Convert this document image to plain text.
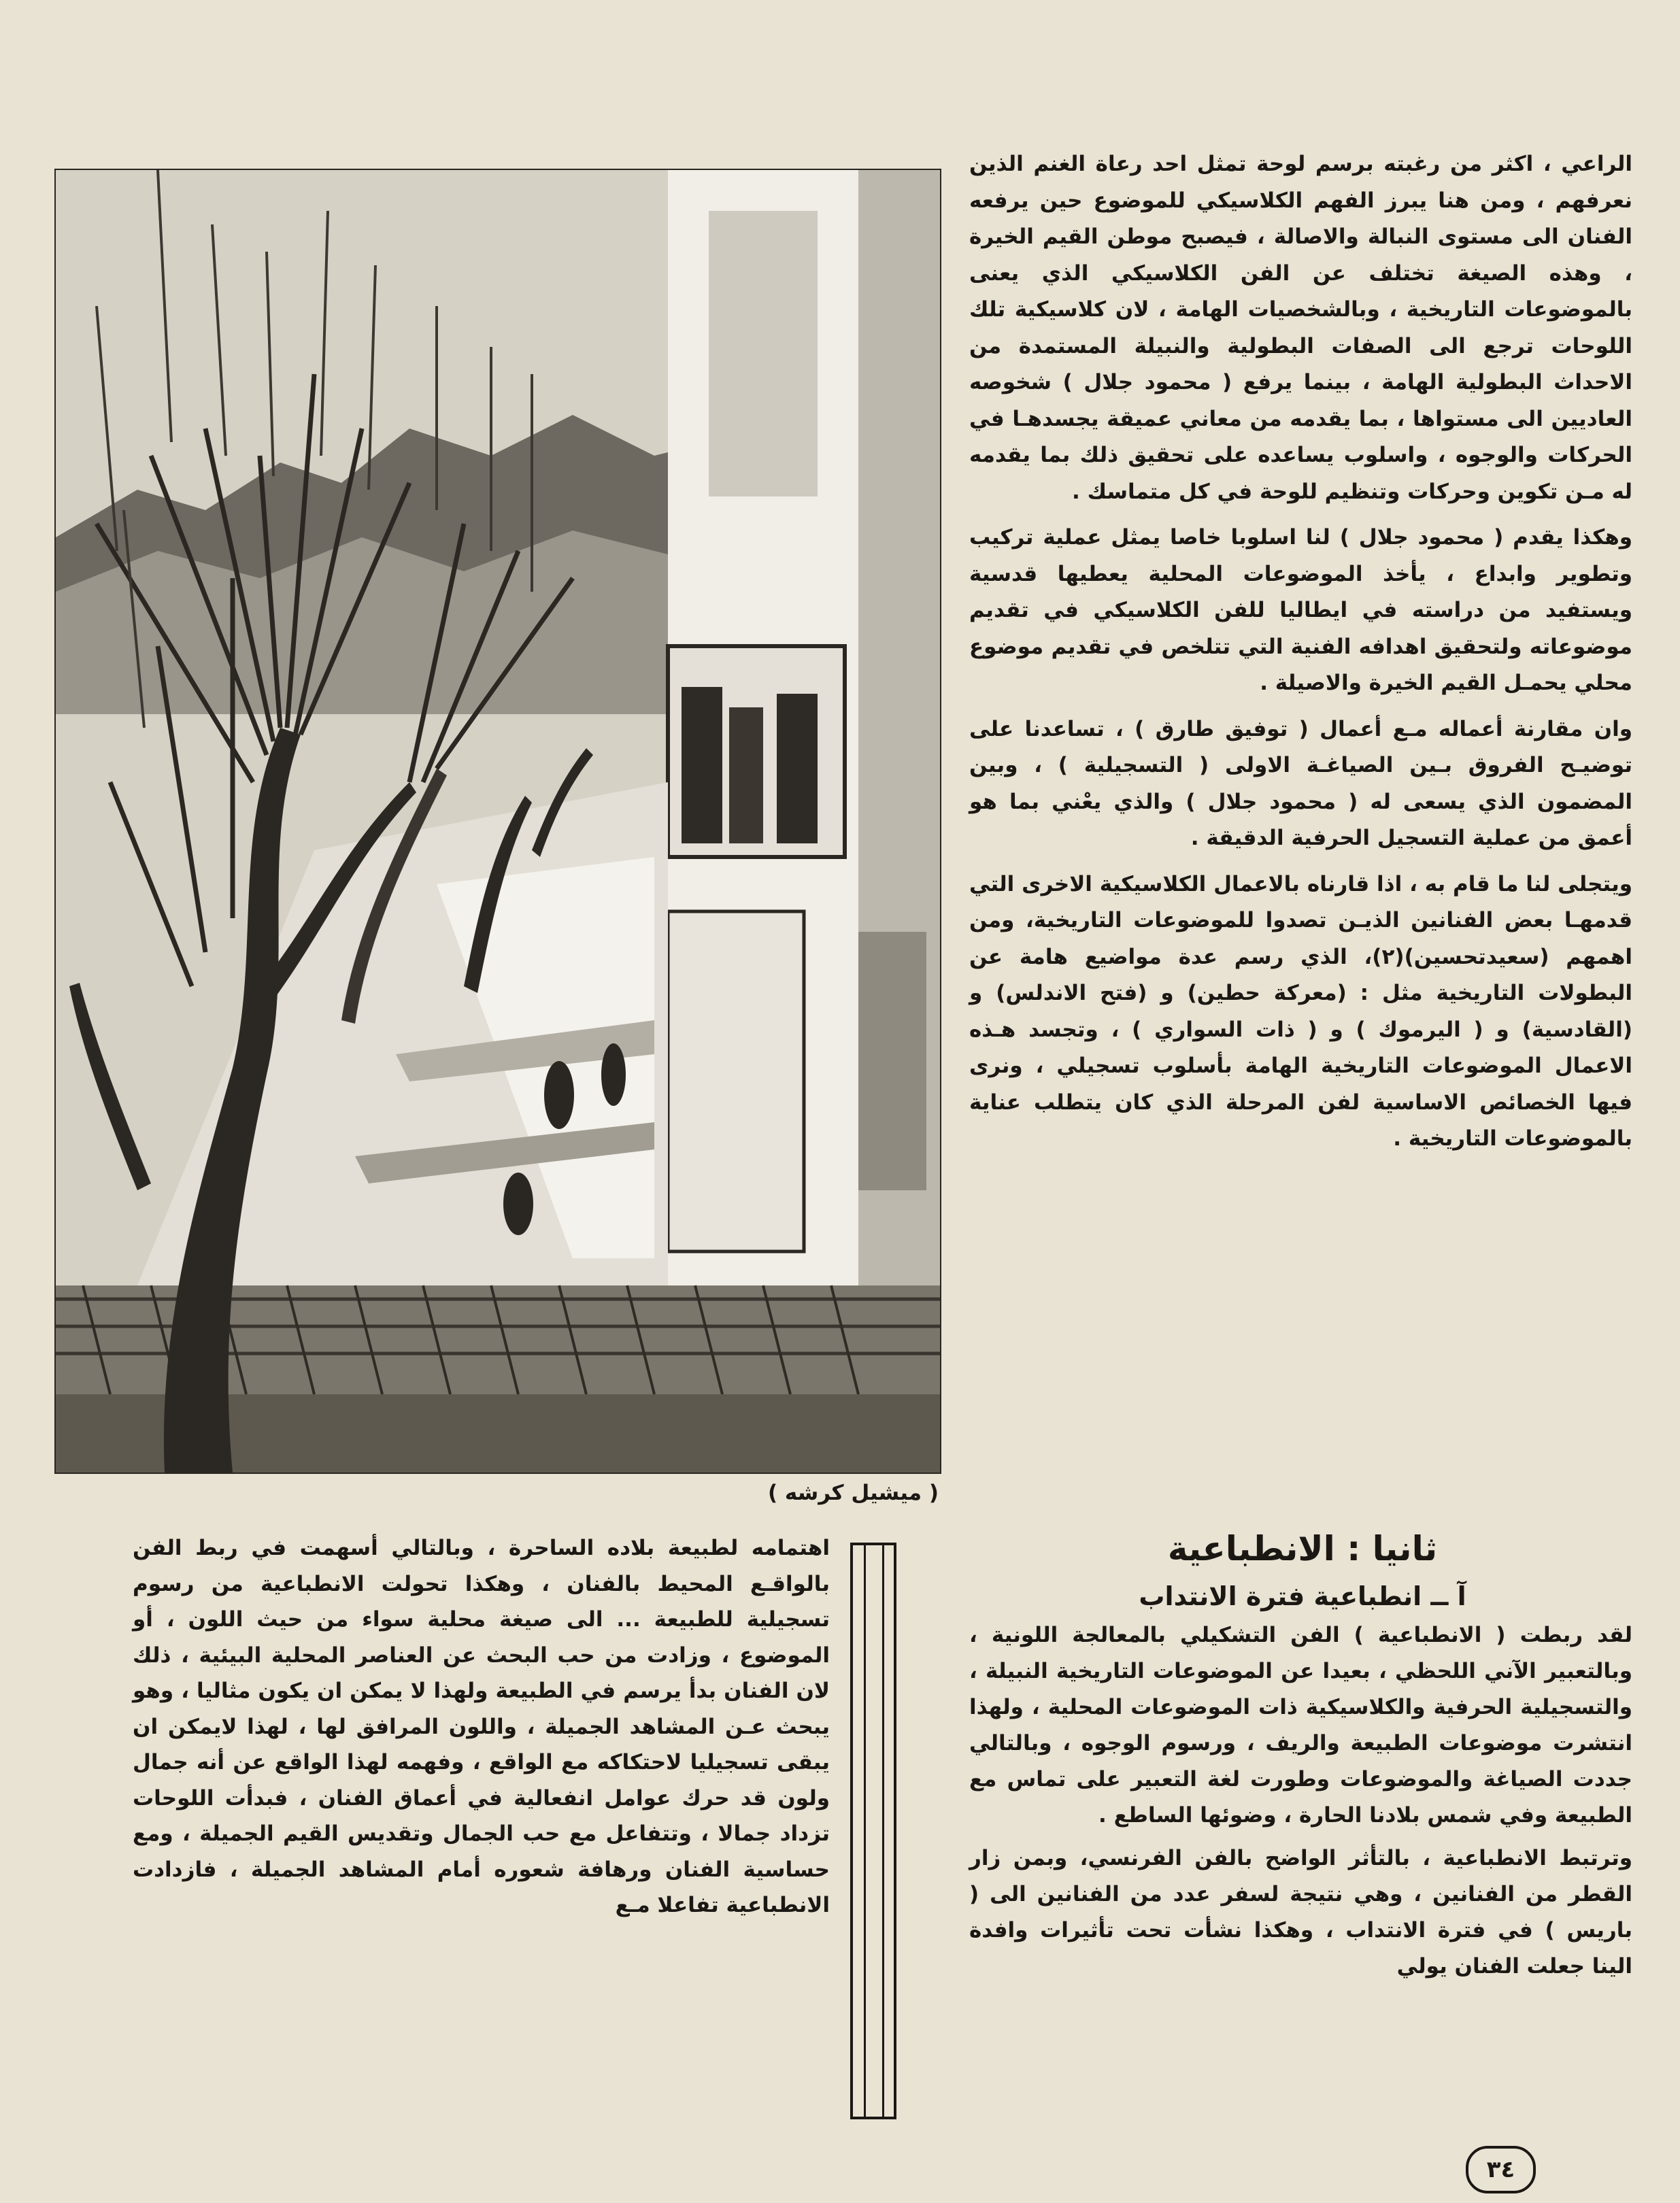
الراعي ، اكثر من رغبته برسم لوحة تمثل احد رعاة الغنم الذين نعرفهم ، ومن هنا يبرز الفهم الكلاسيكي للموضوع حين يرفعه الفنان الى مستوى النبالة والاصالة ، فيصبح موطن القيم الخيرة ، وهذه الصيغة تختلف عن الفن الكلاسيكي الذي يعنى بالموضوعات التاريخية ، وبالشخصيات الهامة ، لان كلاسيكية تلك اللوحات ترجع الى الصفات البطولية والنبيلة المستمدة من الاحداث البطولية الهامة ، بينما يرفع ( محمود جلال ) شخوصه العاديين الى مستواها ، بما يقدمه من معاني عميقة يجسدهـا في الحركات والوجوه ، واسلوب يساعده على تحقيق ذلك بما يقدمه له مـن تكوين وحركات وتنظيم للوحة في كل متماسك .

وهكذا يقدم ( محمود جلال ) لنا اسلوبا خاصا يمثل عملية تركيب وتطوير وابداع ، يأخذ الموضوعات المحلية يعطيها قدسية ويستفيد من دراسته في ايطاليا للفن الكلاسيكي في تقديم موضوعاته ولتحقيق اهدافه الفنية التي تتلخص في تقديم موضوع محلي يحمـل القيم الخيرة والاصيلة .

وان مقارنة أعماله مـع أعمال ( توفيق طارق ) ، تساعدنا على توضيـح الفروق بـين الصياغـة الاولى ( التسجيلية ) ، وبين المضمون الذي يسعى له ( محمود جلال ) والذي يعْني بما هو أعمق من عملية التسجيل الحرفية الدقيقة .

ويتجلى لنا ما قام به ، اذا قارناه بالاعمال الكلاسيكية الاخرى التي قدمهـا بعض الفنانين الذيـن تصدوا للموضوعات التاريخية، ومن اهمهم (سعيدتحسين)(٢)، الذي رسم عدة مواضيع هامة عن البطولات التاريخية مثل : (معركة حطين) و (فتح الاندلس) و (القادسية) و ( اليرموك ) و ( ذات السواري ) ، وتجسد هـذه الاعمال الموضوعات التاريخية الهامة بأسلوب تسجيلي ، ونرى فيها الخصائص الاساسية لفن المرحلة الذي كان يتطلب عناية بالموضوعات التاريخية .

( ميشيل كرشه )
ثانيا : الانطباعية
آ ــ انطباعية فترة الانتداب

لقد ربطت ( الانطباعية ) الفن التشكيلي بالمعالجة اللونية ، وبالتعبير الآني اللحظي ، بعيدا عن الموضوعات التاريخية النبيلة ، والتسجيلية الحرفية والكلاسيكية ذات الموضوعات المحلية ، ولهذا انتشرت موضوعات الطبيعة والريف ، ورسوم الوجوه ، وبالتالي جددت الصياغة والموضوعات وطورت لغة التعبير على تماس مع الطبيعة وفي شمس بلادنا الحارة ، وضوئها الساطع .

وترتبط الانطباعية ، بالتأثر الواضح بالفن الفرنسي، وبمن زار القطر من الفنانين ، وهي نتيجة لسفر عدد من الفنانين الى ( باريس ) في فترة الانتداب ، وهكذا نشأت تحت تأثيرات وافدة الينا جعلت الفنان يولي

اهتمامه لطبيعة بلاده الساحرة ، وبالتالي أسهمت في ربط الفن بالواقـع المحيط بالفنان ، وهكذا تحولت الانطباعية من رسوم تسجيلية للطبيعة ... الى صيغة محلية سواء من حيث اللون ، أو الموضوع ، وزادت من حب البحث عن العناصر المحلية البيئية ، ذلك لان الفنان بدأ يرسم في الطبيعة ولهذا لا يمكن ان يكون مثاليا ، وهو يبحث عـن المشاهد الجميلة ، واللون المرافق لها ، لهذا لايمكن ان يبقى تسجيليا لاحتكاكه مع الواقع ، وفهمه لهذا الواقع عن أنه جمال ولون قد حرك عوامل انفعالية في أعماق الفنان ، فبدأت اللوحات تزداد جمالا ، وتتفاعل مع حب الجمال وتقديس القيم الجميلة ، ومع حساسية الفنان ورهافة شعوره أمام المشاهد الجميلة ، فازدادت الانطباعية تفاعلا مـع

٣٤
